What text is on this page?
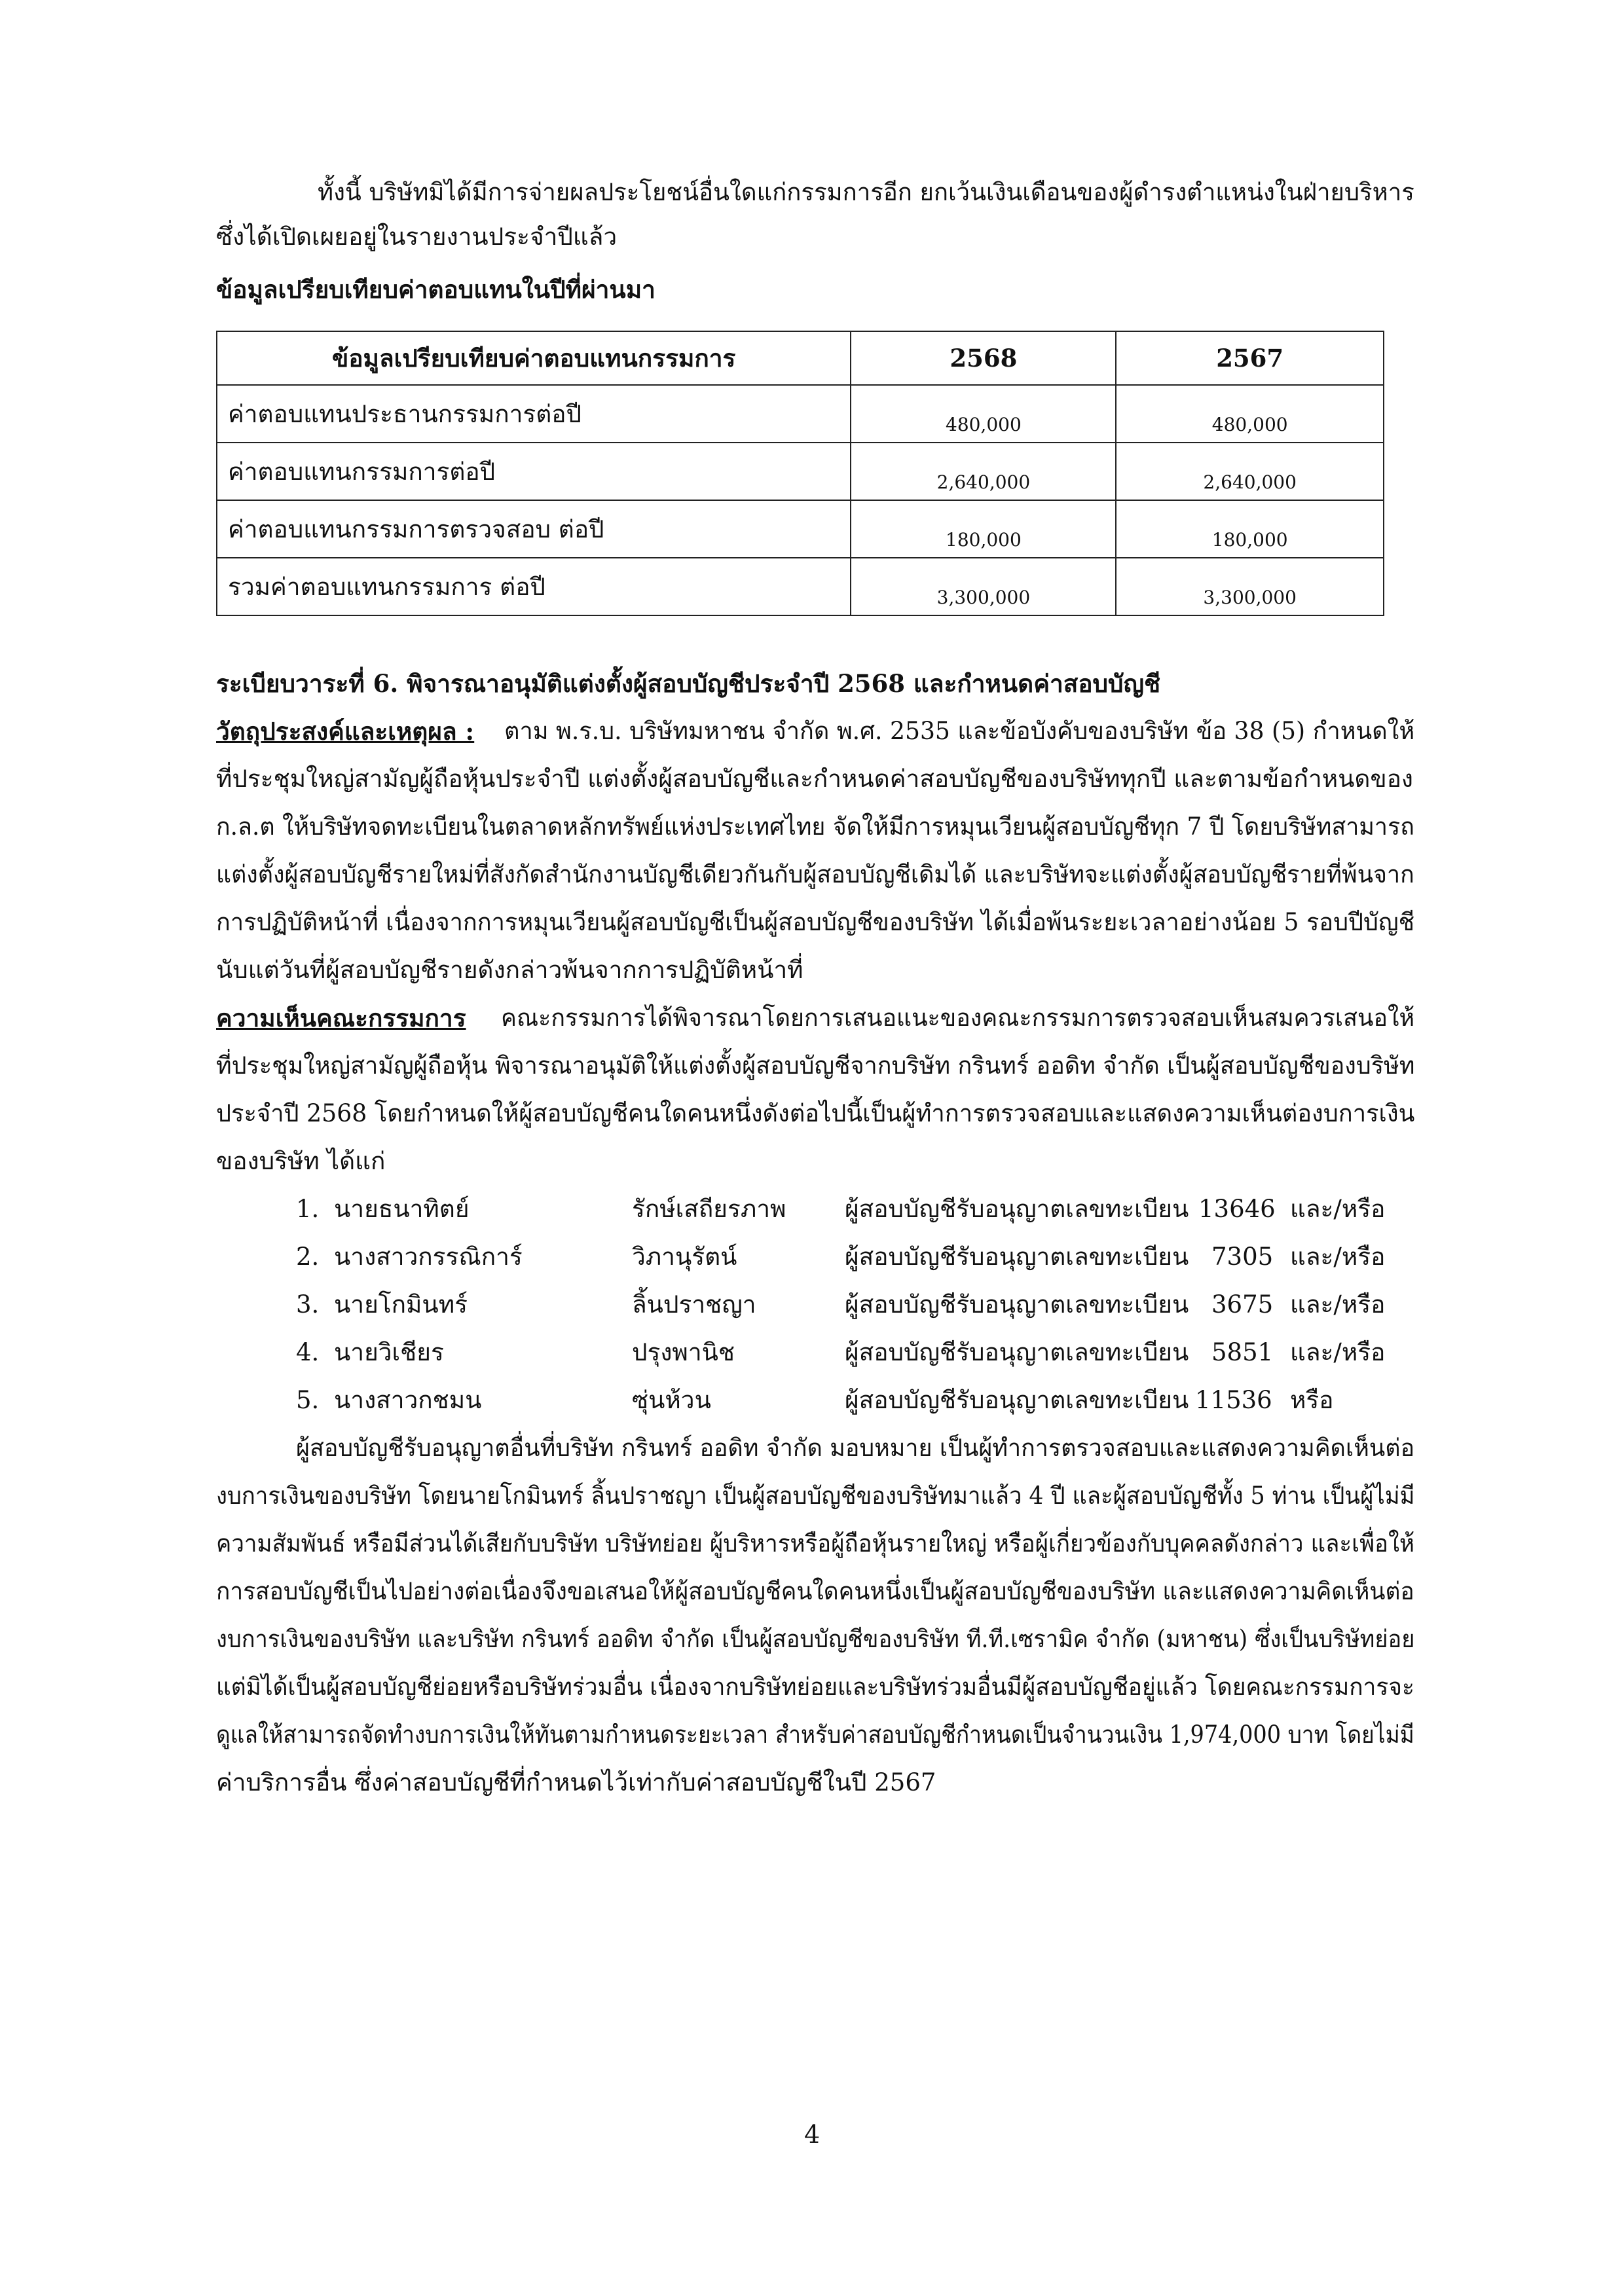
ทั้งนี้ บริษัทมิได้มีการจ่ายผลประโยชน์อื่นใดแก่กรรมการอีก ยกเว้นเงินเดือนของผู้ดำรงตำแหน่งในฝ่ายบริหาร
ซึ่งได้เปิดเผยอยู่ในรายงานประจำปีแล้ว
ข้อมูลเปรียบเทียบค่าตอบแทนในปีที่ผ่านมา
ข้อมูลเปรียบเทียบค่าตอบแทนกรรมการ	2568	2567
ค่าตอบแทนประธานกรรมการต่อปี	480,000	480,000
ค่าตอบแทนกรรมการต่อปี	2,640,000	2,640,000
ค่าตอบแทนกรรมการตรวจสอบ ต่อปี	180,000	180,000
รวมค่าตอบแทนกรรมการ ต่อปี	3,300,000	3,300,000
ระเบียบวาระที่ 6. พิจารณาอนุมัติแต่งตั้งผู้สอบบัญชีประจำปี 2568 และกำหนดค่าสอบบัญชี
วัตถุประสงค์และเหตุผล : ตาม พ.ร.บ. บริษัทมหาชน จำกัด พ.ศ. 2535 และข้อบังคับของบริษัท ข้อ 38 (5) กำหนดให้
ที่ประชุมใหญ่สามัญผู้ถือหุ้นประจำปี แต่งตั้งผู้สอบบัญชีและกำหนดค่าสอบบัญชีของบริษัททุกปี และตามข้อกำหนดของ
ก.ล.ต ให้บริษัทจดทะเบียนในตลาดหลักทรัพย์แห่งประเทศไทย จัดให้มีการหมุนเวียนผู้สอบบัญชีทุก 7 ปี โดยบริษัทสามารถ
แต่งตั้งผู้สอบบัญชีรายใหม่ที่สังกัดสำนักงานบัญชีเดียวกันกับผู้สอบบัญชีเดิมได้ และบริษัทจะแต่งตั้งผู้สอบบัญชีรายที่พ้นจาก
การปฏิบัติหน้าที่ เนื่องจากการหมุนเวียนผู้สอบบัญชีเป็นผู้สอบบัญชีของบริษัท ได้เมื่อพ้นระยะเวลาอย่างน้อย 5 รอบปีบัญชี
นับแต่วันที่ผู้สอบบัญชีรายดังกล่าวพ้นจากการปฏิบัติหน้าที่
ความเห็นคณะกรรมการ คณะกรรมการได้พิจารณาโดยการเสนอแนะของคณะกรรมการตรวจสอบเห็นสมควรเสนอให้
ที่ประชุมใหญ่สามัญผู้ถือหุ้น พิจารณาอนุมัติให้แต่งตั้งผู้สอบบัญชีจากบริษัท กรินทร์ ออดิท จำกัด เป็นผู้สอบบัญชีของบริษัท
ประจำปี 2568 โดยกำหนดให้ผู้สอบบัญชีคนใดคนหนึ่งดังต่อไปนี้เป็นผู้ทำการตรวจสอบและแสดงความเห็นต่องบการเงิน
ของบริษัท ได้แก่
1. นายธนาทิตย์	รักษ์เสถียรภาพ ผู้สอบบัญชีรับอนุญาตเลขทะเบียน 13646 และ/หรือ
2. นางสาวกรรณิการ์	วิภานุรัตน์	ผู้สอบบัญชีรับอนุญาตเลขทะเบียน 7305 และ/หรือ
3. นายโกมินทร์	ลิ้นปราชญา	ผู้สอบบัญชีรับอนุญาตเลขทะเบียน 3675 และ/หรือ
4. นายวิเชียร	ปรุงพานิช	ผู้สอบบัญชีรับอนุญาตเลขทะเบียน 5851 และ/หรือ
5. นางสาวกชมน	ซุ่นห้วน	ผู้สอบบัญชีรับอนุญาตเลขทะเบียน 11536 หรือ
ผู้สอบบัญชีรับอนุญาตอื่นที่บริษัท กรินทร์ ออดิท จำกัด มอบหมาย เป็นผู้ทำการตรวจสอบและแสดงความคิดเห็นต่อ
งบการเงินของบริษัท โดยนายโกมินทร์ ลิ้นปราชญา เป็นผู้สอบบัญชีของบริษัทมาแล้ว 4 ปี และผู้สอบบัญชีทั้ง 5 ท่าน เป็นผู้ไม่มี
ความสัมพันธ์ หรือมีส่วนได้เสียกับบริษัท บริษัทย่อย ผู้บริหารหรือผู้ถือหุ้นรายใหญ่ หรือผู้เกี่ยวข้องกับบุคคลดังกล่าว และเพื่อให้
การสอบบัญชีเป็นไปอย่างต่อเนื่องจึงขอเสนอให้ผู้สอบบัญชีคนใดคนหนึ่งเป็นผู้สอบบัญชีของบริษัท และแสดงความคิดเห็นต่อ
งบการเงินของบริษัท และบริษัท กรินทร์ ออดิท จำกัด เป็นผู้สอบบัญชีของบริษัท ที.ที.เซรามิค จำกัด (มหาชน) ซึ่งเป็นบริษัทย่อย
แต่มิได้เป็นผู้สอบบัญชีย่อยหรือบริษัทร่วมอื่น เนื่องจากบริษัทย่อยและบริษัทร่วมอื่นมีผู้สอบบัญชีอยู่แล้ว โดยคณะกรรมการจะ
ดูแลให้สามารถจัดทำงบการเงินให้ทันตามกำหนดระยะเวลา สำหรับค่าสอบบัญชีกำหนดเป็นจำนวนเงิน 1,974,000 บาท โดยไม่มี
ค่าบริการอื่น ซึ่งค่าสอบบัญชีที่กำหนดไว้เท่ากับค่าสอบบัญชีในปี 2567
4
